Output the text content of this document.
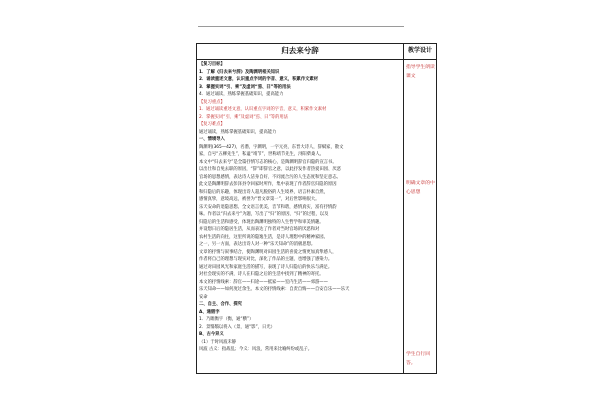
归去来兮辞	教学设计

【复习目标】

1．了解《归去来兮辞》及陶渊明相关知识

2．诵读重述文意，认识重点字词的字音、意义，积累作文素材

3．掌握实词“引、乘”及虚词“焉、曰”等的用法

4．通过诵读，熟练掌握基础知识，提高能力

【复习重点】

1．通过诵读重述文意，认识重点字词的字音，意义，积累作文素材

2．掌握实词“引、乘”及虚词“焉、曰”等的用法

【复习难点】

通过诵读，熟练掌握基础知识，提高能力

一、情境导入

陶渊明(365—427)，名潜，字渊明，一字元亮，东晋大诗人，辞赋家，散文

家，自号“五柳先生”，私谥“靖节”，世称靖节先生，浔阳柴桑人。

本文中“归去来兮”是全篇抒情写志的核心，是陶渊明辞官归隐的宣言书。

以出仕和自免去职的原因，“辞”即辞官之意，以此抒发作者热爱田园、厌恶

官场的思想感情，表达诗人洁身自好、不同流合污的人生态度和坚定意志。

此文是陶渊明辞去彭泽县令回家时所作，集中表现了作者辞官归隐的原因

和归隐后的乐趣，体现出诗人超凡脱俗的人生境界，语言朴素自然，

感情真挚，意境高远，被誉为“晋文章第一”，对后世影响很大。

乐天安命的退隐思想。全文语言优美，音节和谐，感情真实，富有抒情韵

味。作者以“归去来兮”为题，写出了“归”的原因、“归”的过程，以及

归隐后的生活和感受，体现出陶渊明独特的人生哲学和审美情趣。

并设想日后的隐居生活，从而表达了作者对当时官场的厌恶和对

农村生活的向往，这里所说的隐逸生活，是诗人理想中的精神家园。

之一，另一方面，表达出诗人对一种“乐天知命”的消极思想。

文章的抒情与叙事结合，使陶渊明对田园生活的喜爱之情更加真挚感人，

作者将自己的理想与现实对比，深化了作品的主题，也增强了感染力。

通过对田园风光和家庭生活的描写，表现了诗人归隐后的快乐与满足。

对社会现实的不满，诗人在归隐之后的生活中找到了精神的寄托。

本文的抒情线索：辞官——归途——抵家——室内生活——郊游——

乐天知命——如何度过余生。本文的抒情线索：自责自悔——自安自乐——乐天

安命

二、自主、合作、探究

A、通假字

1．乃瞻衡宇（衡，通“横”）

2．景翳翳以将入（景，通“影”，日光）

B、古今异义

（1）于时风波未静

风波 古义：指战乱；今义：风浪，常用来比喻纠纷或乱子。

指导学生朗读课文
明确文章的中心思想
学生自行回答。
